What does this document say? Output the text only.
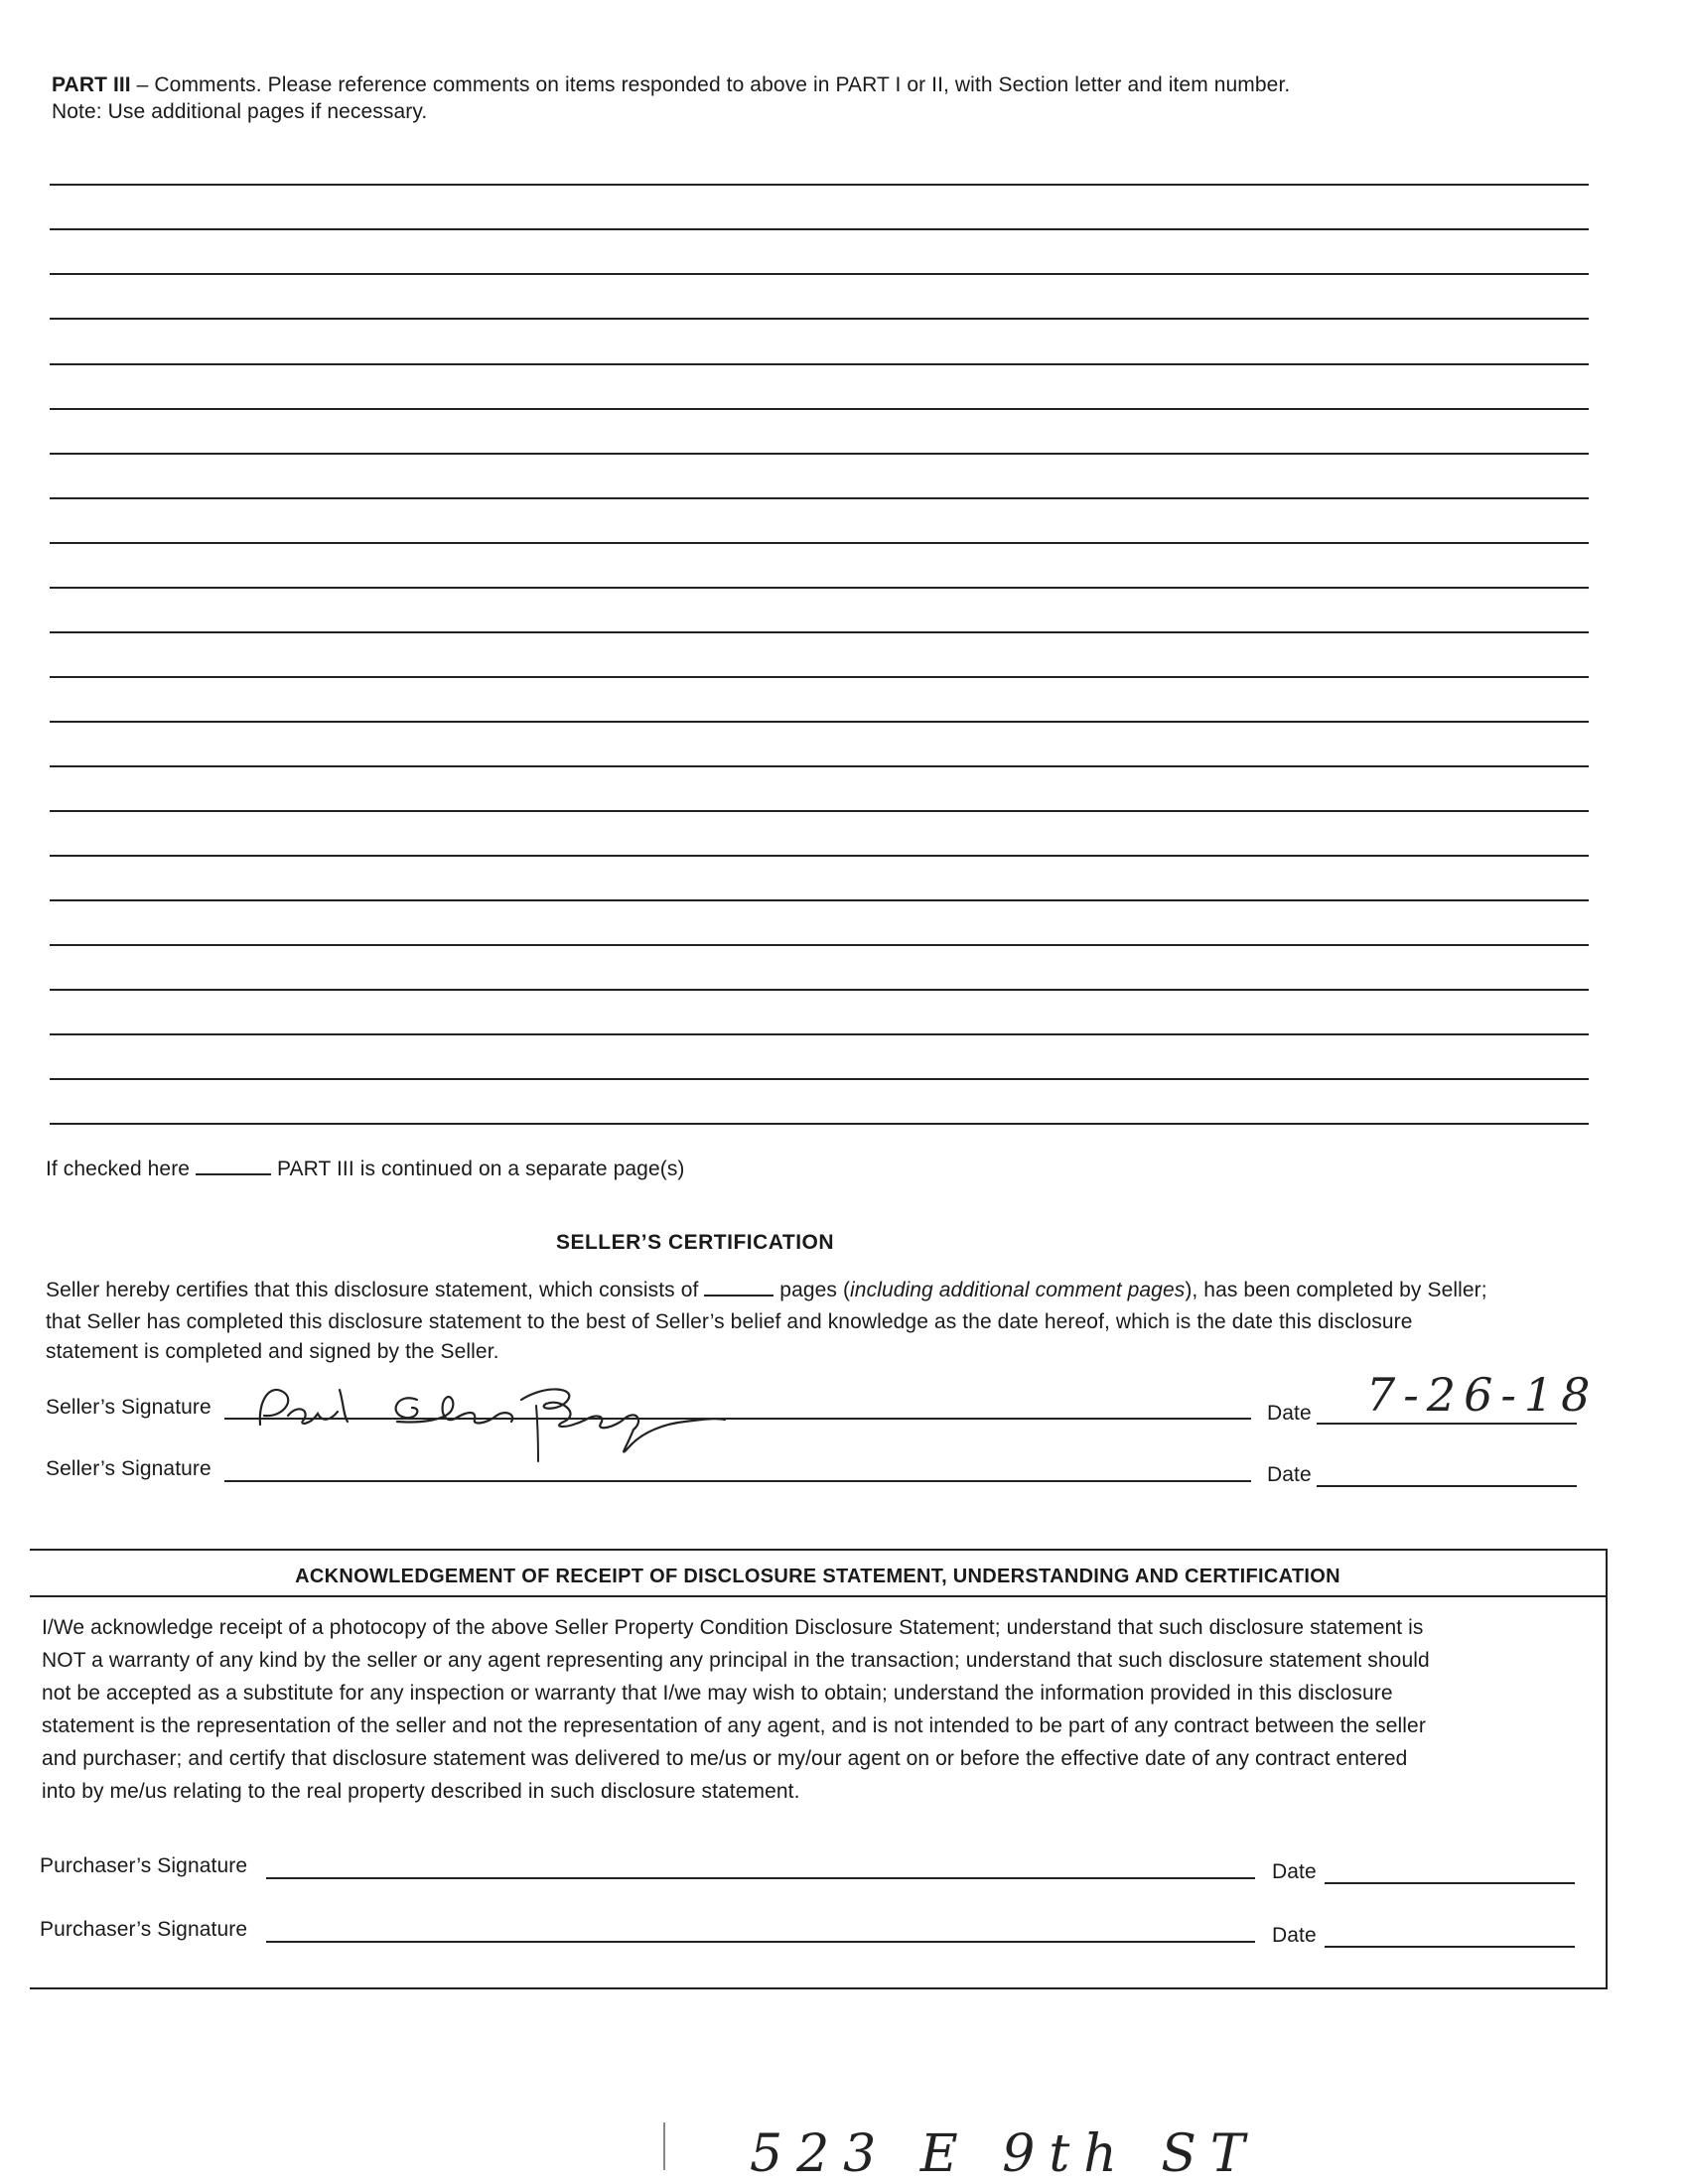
PART III – Comments. Please reference comments on items responded to above in PART I or II, with Section letter and item number.
Note: Use additional pages if necessary.
If checked here	PART III is continued on a separate page(s)
SELLER’S CERTIFICATION
Seller hereby certifies that this disclosure statement, which consists of	pages (including additional comment pages), has been completed by Seller;
that Seller has completed this disclosure statement to the best of Seller’s belief and knowledge as the date hereof, which is the date this disclosure
statement is completed and signed by the Seller.
Seller’s Signature	Date 7-26-18
Seller’s Signature	Date
ACKNOWLEDGEMENT OF RECEIPT OF DISCLOSURE STATEMENT, UNDERSTANDING AND CERTIFICATION
I/We acknowledge receipt of a photocopy of the above Seller Property Condition Disclosure Statement; understand that such disclosure statement is
NOT a warranty of any kind by the seller or any agent representing any principal in the transaction; understand that such disclosure statement should
not be accepted as a substitute for any inspection or warranty that I/we may wish to obtain; understand the information provided in this disclosure
statement is the representation of the seller and not the representation of any agent, and is not intended to be part of any contract between the seller
and purchaser; and certify that disclosure statement was delivered to me/us or my/our agent on or before the effective date of any contract entered
into by me/us relating to the real property described in such disclosure statement.
Purchaser’s Signature	Date
Purchaser’s Signature	Date
523 E 9th ST
